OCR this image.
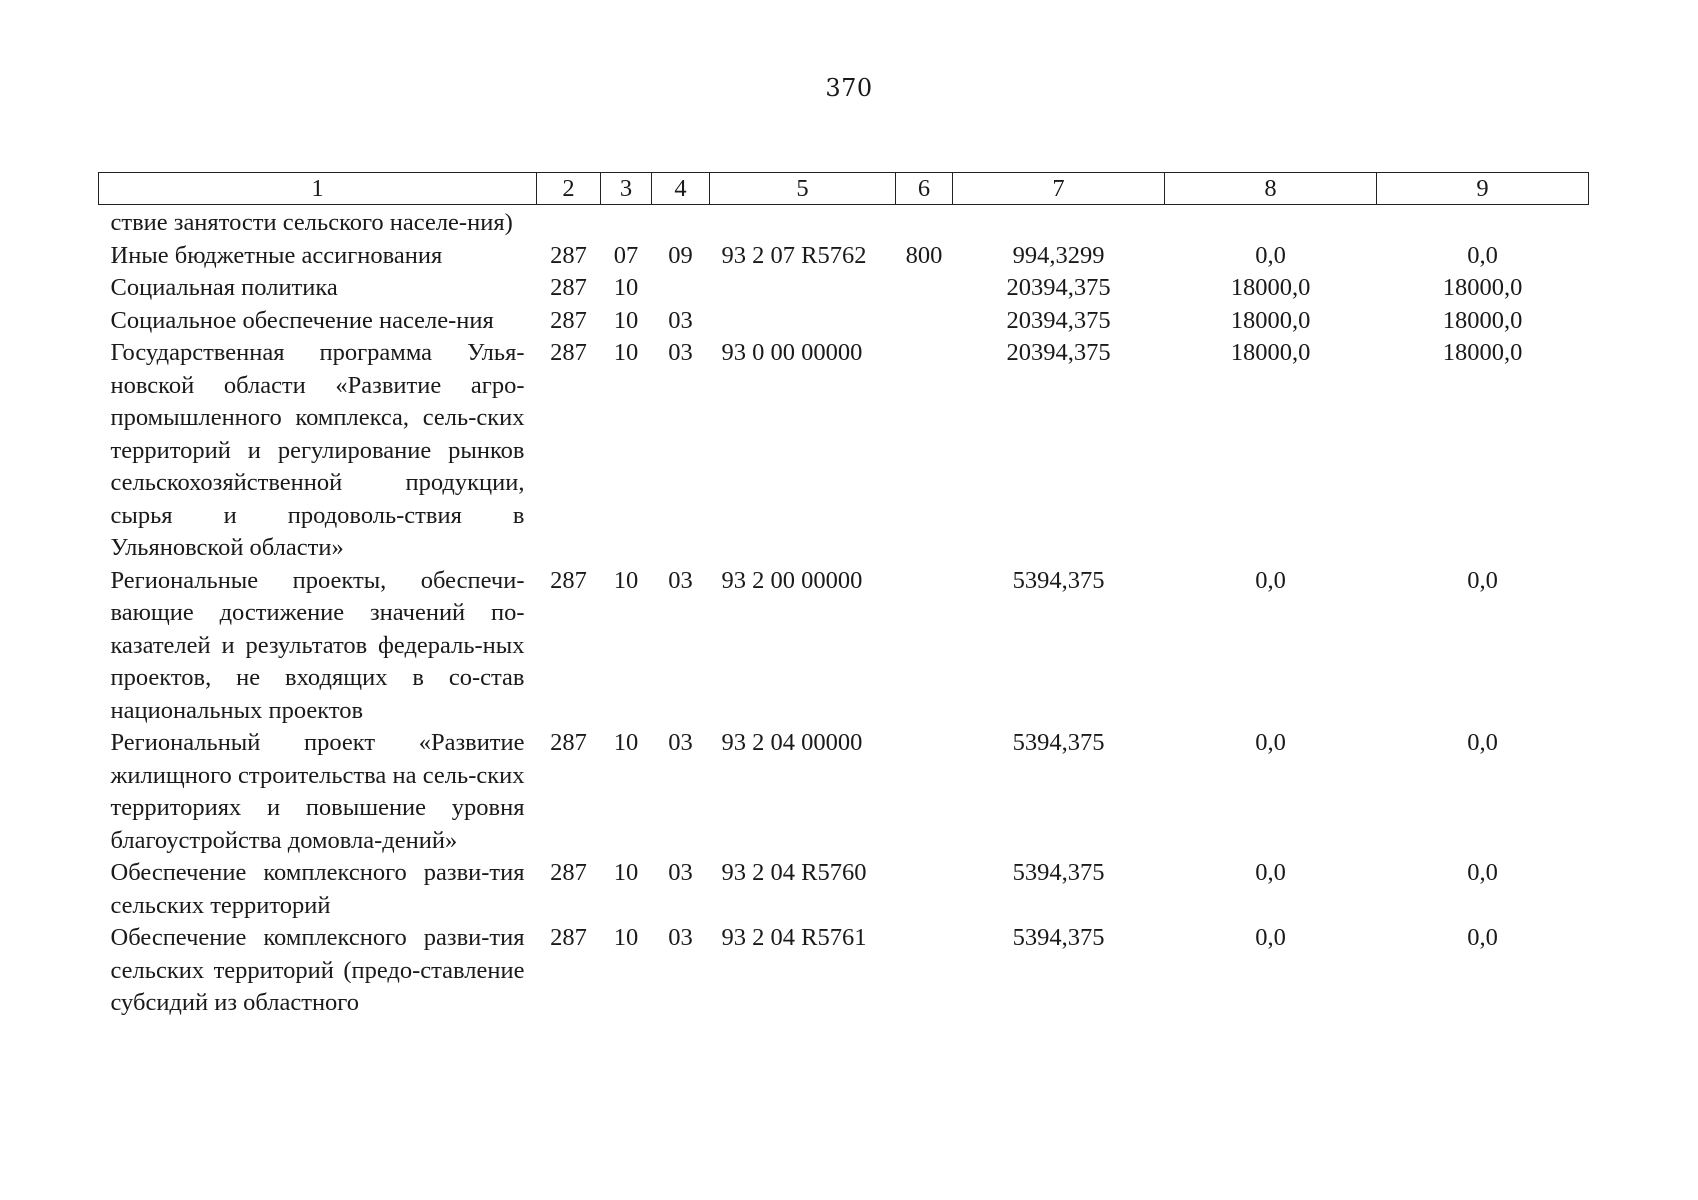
370
1	2	3	4	5	6	7	8	9
ствие занятости сельского населе-ния)								
Иные бюджетные ассигнования	287	07	09	93 2 07 R5762	800	994,3299	0,0	0,0
Социальная политика	287	10				20394,375	18000,0	18000,0
Социальное обеспечение населе-ния	287	10	03			20394,375	18000,0	18000,0
Государственная программа Улья-новской области «Развитие агро-промышленного комплекса, сель-ских территорий и регулирование рынков сельскохозяйственной продукции, сырья и продоволь-ствия в Ульяновской области»	287	10	03	93 0 00 00000		20394,375	18000,0	18000,0
Региональные проекты, обеспечи-вающие достижение значений по-казателей и результатов федераль-ных проектов, не входящих в со-став национальных проектов	287	10	03	93 2 00 00000		5394,375	0,0	0,0
Региональный проект «Развитие жилищного строительства на сель-ских территориях и повышение уровня благоустройства домовла-дений»	287	10	03	93 2 04 00000		5394,375	0,0	0,0
Обеспечение комплексного разви-тия сельских территорий	287	10	03	93 2 04 R5760		5394,375	0,0	0,0
Обеспечение комплексного разви-тия сельских территорий (предо-ставление субсидий из областного	287	10	03	93 2 04 R5761		5394,375	0,0	0,0
